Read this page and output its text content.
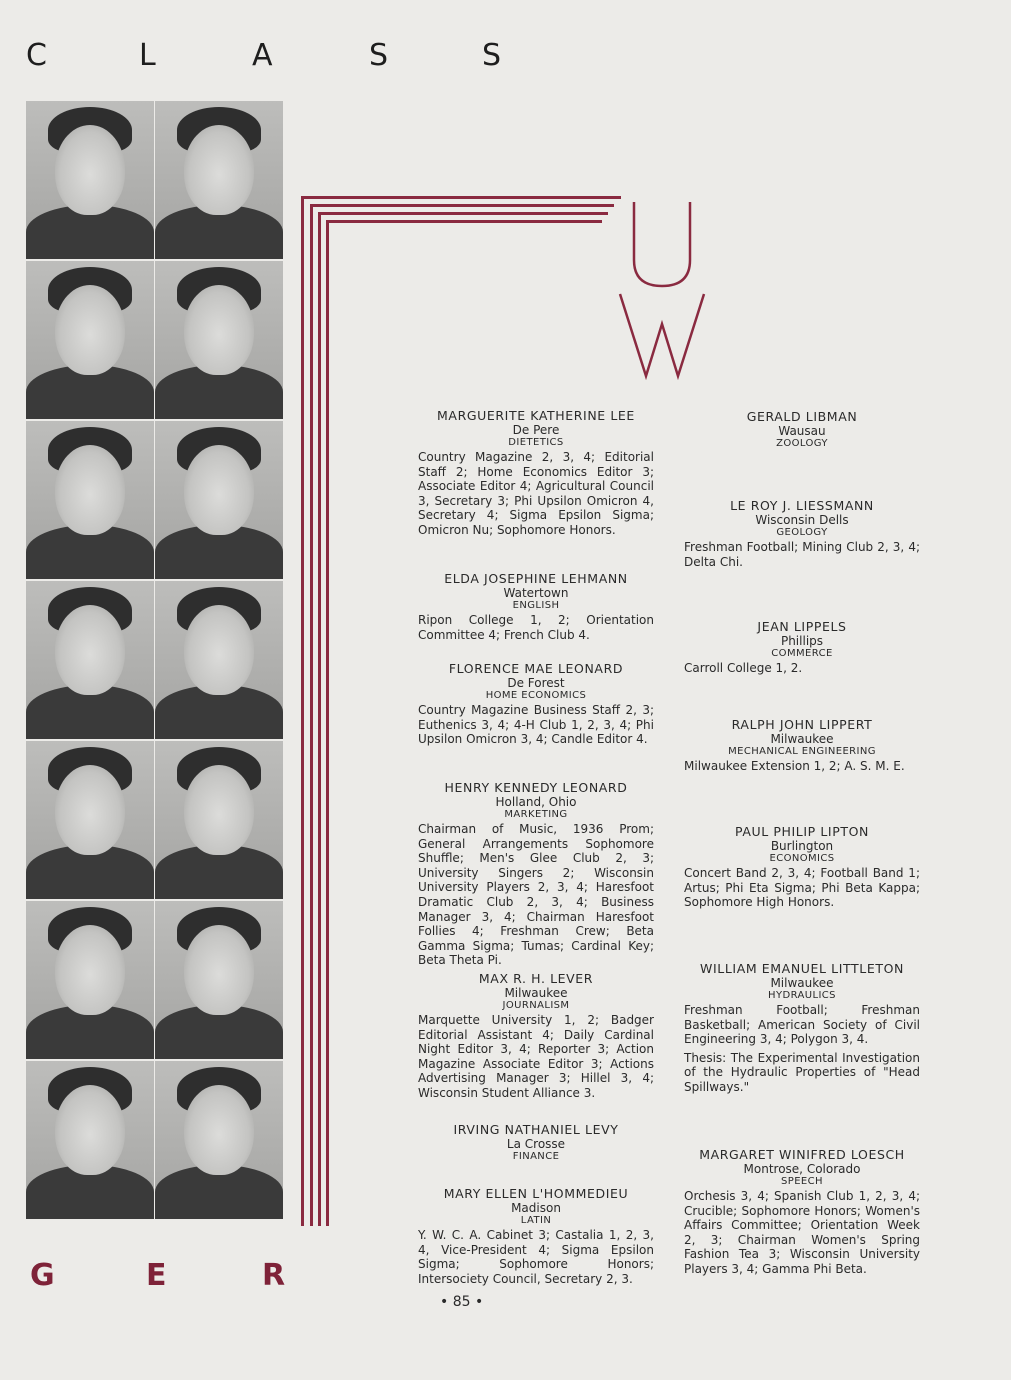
C	L	A	S	S
MARGUERITE KATHERINE LEE
De Pere
DIETETICS
Country Magazine 2, 3, 4; Editorial Staff 2; Home Economics Editor 3; Associate Editor 4; Agricultural Council 3, Secretary 3; Phi Upsilon Omicron 4, Secretary 4; Sigma Epsilon Sigma; Omicron Nu; Sophomore Honors.
ELDA JOSEPHINE LEHMANN
Watertown
ENGLISH
Ripon College 1, 2; Orientation Committee 4; French Club 4.
FLORENCE MAE LEONARD
De Forest
HOME ECONOMICS
Country Magazine Business Staff 2, 3; Euthenics 3, 4; 4-H Club 1, 2, 3, 4; Phi Upsilon Omicron 3, 4; Candle Editor 4.
HENRY KENNEDY LEONARD
Holland, Ohio
MARKETING
Chairman of Music, 1936 Prom; General Arrangements Sophomore Shuffle; Men's Glee Club 2, 3; University Singers 2; Wisconsin University Players 2, 3, 4; Haresfoot Dramatic Club 2, 3, 4; Business Manager 3, 4; Chairman Haresfoot Follies 4; Freshman Crew; Beta Gamma Sigma; Tumas; Cardinal Key; Beta Theta Pi.
MAX R. H. LEVER
Milwaukee
JOURNALISM
Marquette University 1, 2; Badger Editorial Assistant 4; Daily Cardinal Night Editor 3, 4; Reporter 3; Action Magazine Associate Editor 3; Actions Advertising Manager 3; Hillel 3, 4; Wisconsin Student Alliance 3.
IRVING NATHANIEL LEVY
La Crosse
FINANCE
MARY ELLEN L'HOMMEDIEU
Madison
LATIN
Y. W. C. A. Cabinet 3; Castalia 1, 2, 3, 4, Vice-President 4; Sigma Epsilon Sigma; Sophomore Honors; Intersociety Council, Secretary 2, 3.
GERALD LIBMAN
Wausau
ZOOLOGY
LE ROY J. LIESSMANN
Wisconsin Dells
GEOLOGY
Freshman Football; Mining Club 2, 3, 4; Delta Chi.
JEAN LIPPELS
Phillips
COMMERCE
Carroll College 1, 2.
RALPH JOHN LIPPERT
Milwaukee
MECHANICAL ENGINEERING
Milwaukee Extension 1, 2; A. S. M. E.
PAUL PHILIP LIPTON
Burlington
ECONOMICS
Concert Band 2, 3, 4; Football Band 1; Artus; Phi Eta Sigma; Phi Beta Kappa; Sophomore High Honors.
WILLIAM EMANUEL LITTLETON
Milwaukee
HYDRAULICS
Freshman Football; Freshman Basketball; American Society of Civil Engineering 3, 4; Polygon 3, 4.
Thesis: The Experimental Investigation of the Hydraulic Properties of "Head Spillways."
MARGARET WINIFRED LOESCH
Montrose, Colorado
SPEECH
Orchesis 3, 4; Spanish Club 1, 2, 3, 4; Crucible; Sophomore Honors; Women's Affairs Committee; Orientation Week 2, 3; Chairman Women's Spring Fashion Tea 3; Wisconsin University Players 3, 4; Gamma Phi Beta.
G	E	R
• 85 •
